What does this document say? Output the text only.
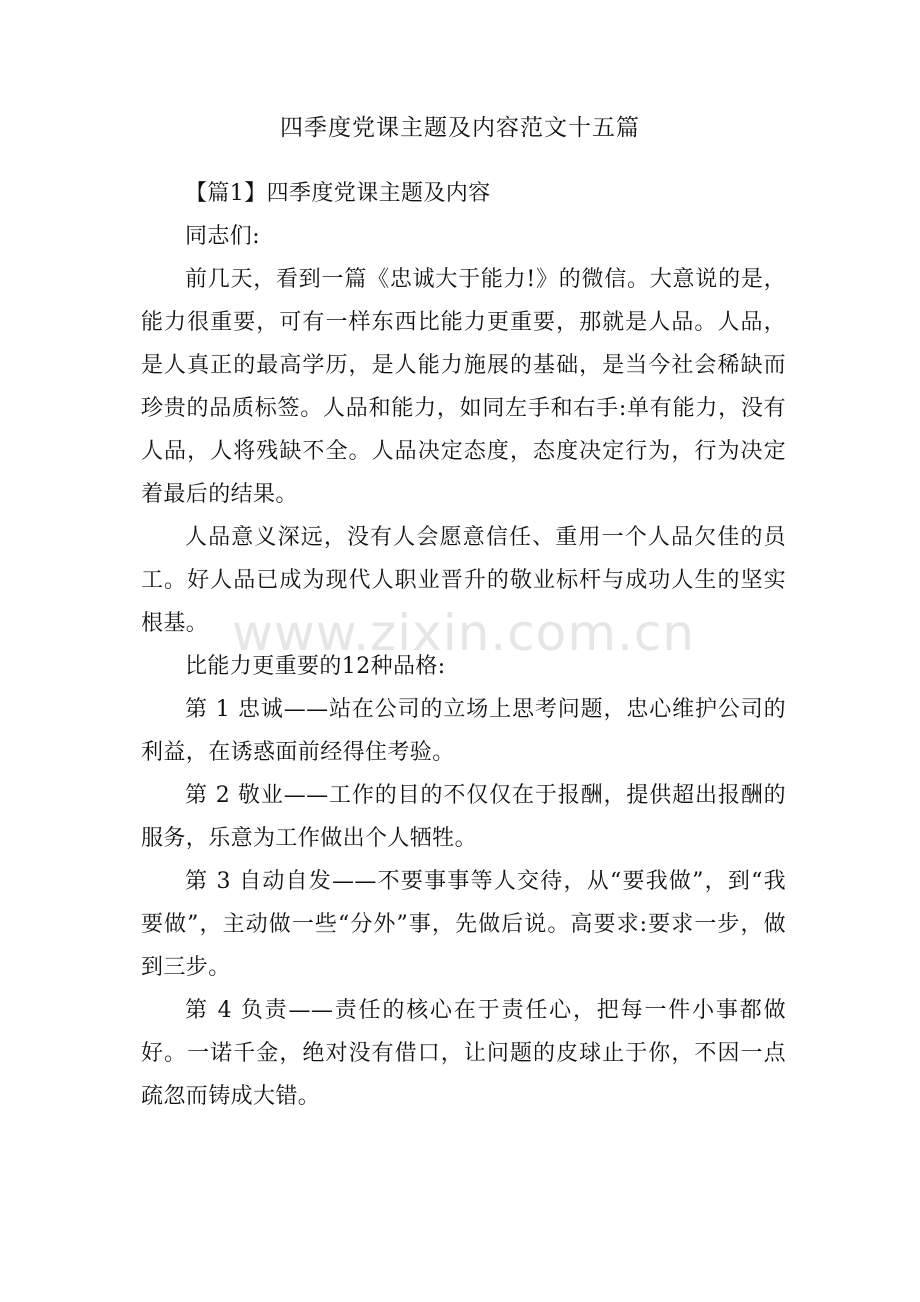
四季度党课主题及内容范文十五篇

【篇1】四季度党课主题及内容

同志们:

前几天，看到一篇《忠诚大于能力!》的微信。大意说的是，能力很重要，可有一样东西比能力更重要，那就是人品。人品，是人真正的最高学历，是人能力施展的基础，是当今社会稀缺而珍贵的品质标签。人品和能力，如同左手和右手:单有能力，没有人品，人将残缺不全。人品决定态度，态度决定行为，行为决定着最后的结果。

人品意义深远，没有人会愿意信任、重用一个人品欠佳的员工。好人品已成为现代人职业晋升的敬业标杆与成功人生的坚实根基。

比能力更重要的12种品格:

第 1 忠诚——站在公司的立场上思考问题，忠心维护公司的利益，在诱惑面前经得住考验。

第 2 敬业——工作的目的不仅仅在于报酬，提供超出报酬的服务，乐意为工作做出个人牺牲。

第 3 自动自发——不要事事等人交待，从“要我做”，到“我要做”，主动做一些“分外”事，先做后说。高要求:要求一步，做到三步。

第 4 负责——责任的核心在于责任心，把每一件小事都做好。一诺千金，绝对没有借口，让问题的皮球止于你，不因一点疏忽而铸成大错。

www.zixin.com.cn
